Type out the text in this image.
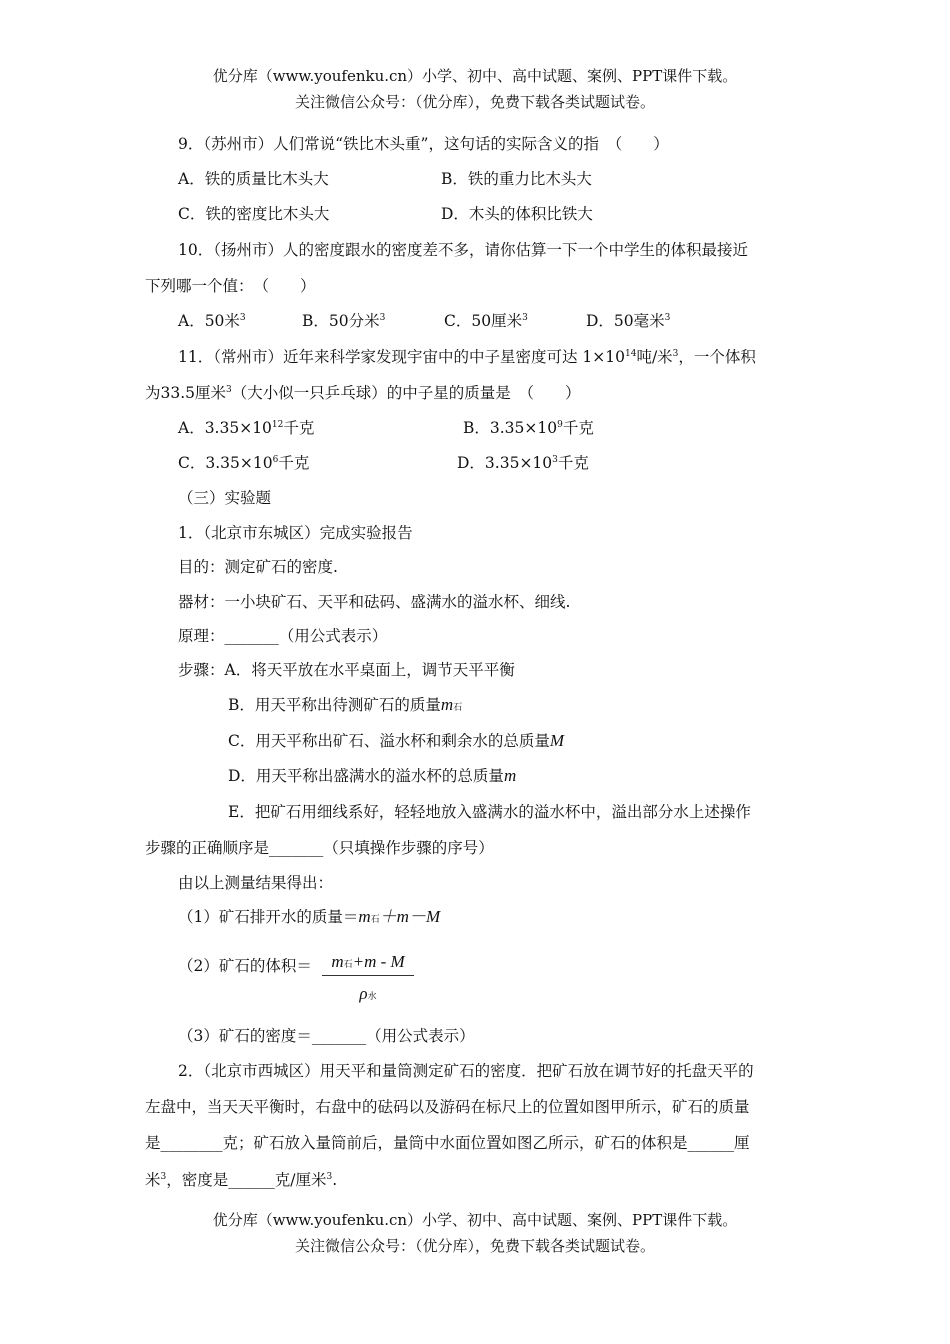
优分库（www.youfenku.cn）小学、初中、高中试题、案例、PPT课件下载。
关注微信公众号：（优分库），免费下载各类试题试卷。
9．（苏州市）人们常说“铁比木头重”，这句话的实际含义的指　（　　）
A．铁的质量比木头大	B．铁的重力比木头大
C．铁的密度比木头大	D．木头的体积比铁大
10．（扬州市）人的密度跟水的密度差不多，请你估算一下一个中学生的体积最接近
下列哪一个值：　（　　）
A．50米$^3$	B．50分米$^3$	C．50厘米$^3$	D．50毫米$^3$
11．（常州市）近年来科学家发现宇宙中的中子星密度可达 $1\times 10^{14}$吨/米$^3$，一个体积
为33.5厘米$^3$（大小似一只乒乓球）的中子星的质量是　（　　）
A．$3.35\times 10^{12}$千克	B．$3.35\times 10^9$千克
C．$3.35\times 10^6$千克	D．$3.35\times 10^3$千克
（三）实验题
1．（北京市东城区）完成实验报告
目的：测定矿石的密度.
器材：一小块矿石、天平和砝码、盛满水的溢水杯、细线.
原理：_______（用公式表示）
步骤：A．将天平放在水平桌面上，调节天平平衡
B．用天平称出待测矿石的质量m石
C．用天平称出矿石、溢水杯和剩余水的总质量M
D．用天平称出盛满水的溢水杯的总质量m
E．把矿石用细线系好，轻轻地放入盛满水的溢水杯中，溢出部分水上述操作
步骤的正确顺序是_______（只填操作步骤的序号）
由以上测量结果得出：
（1）矿石排开水的质量＝m石＋m－M
（2）矿石的体积＝	m石+m - M
ρ水
（3）矿石的密度＝_______（用公式表示）
2．（北京市西城区）用天平和量筒测定矿石的密度．把矿石放在调节好的托盘天平的
左盘中，当天天平衡时，右盘中的砝码以及游码在标尺上的位置如图甲所示，矿石的质量
是________克；矿石放入量筒前后，量筒中水面位置如图乙所示，矿石的体积是______厘
米$^3$，密度是______克/厘米$^3$.
优分库（www.youfenku.cn）小学、初中、高中试题、案例、PPT课件下载。
关注微信公众号：（优分库），免费下载各类试题试卷。
